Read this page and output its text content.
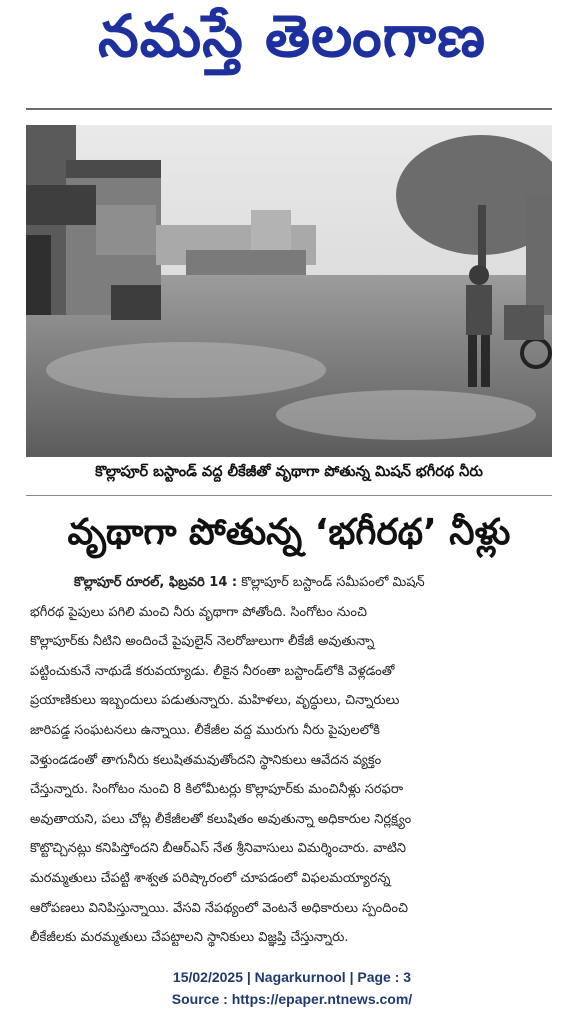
నమస్తే తెలంగాణ
కొల్లాపూర్ బస్టాండ్ వద్ద లీకేజీతో వృథాగా పోతున్న మిషన్ భగీరథ నీరు
వృథాగా పోతున్న ‘భగీరథ’ నీళ్లు
కొల్లాపూర్ రూరల్, ఫిబ్రవరి 14 : కొల్లాపూర్ బస్టాండ్ సమీపంలో మిషన్
భగీరథ పైపులు పగిలి మంచి నీరు వృథాగా పోతోంది. సింగోటం నుంచి
కొల్లాపూర్‌కు నీటిని అందించే పైపులైన్ నెలరోజులుగా లీకేజీ అవుతున్నా
పట్టించుకునే నాథుడే కరువయ్యాడు. లీకైన నీరంతా బస్టాండ్‌లోకి వెళ్లడంతో
ప్రయాణికులు ఇబ్బందులు పడుతున్నారు. మహిళలు, వృద్ధులు, చిన్నారులు
జారిపడ్డ సంఘటనలు ఉన్నాయి. లీకేజీల వద్ద మురుగు నీరు పైపులలోకి
వెళ్తుండడంతో తాగునీరు కలుషితమవుతోందని స్థానికులు ఆవేదన వ్యక్తం
చేస్తున్నారు. సింగోటం నుంచి 8 కిలోమీటర్లు కొల్లాపూర్‌కు మంచినీళ్లు సరఫరా
అవుతాయని, పలు చోట్ల లీకేజీలతో కలుషితం అవుతున్నా అధికారుల నిర్లక్ష్యం
కొట్టొచ్చినట్లు కనిపిస్తోందని బీఆర్‌ఎస్ నేత శ్రీనివాసులు విమర్శించారు. వాటిని
మరమ్మతులు చేపట్టి శాశ్వత పరిష్కారంలో చూపడంలో విఫలమయ్యారన్న
ఆరోపణలు వినిపిస్తున్నాయి. వేసవి నేపథ్యంలో వెంటనే అధికారులు స్పందించి
లీకేజీలకు మరమ్మతులు చేపట్టాలని స్థానికులు విజ్ఞప్తి చేస్తున్నారు.
15/02/2025 | Nagarkurnool | Page : 3
Source : https://epaper.ntnews.com/
